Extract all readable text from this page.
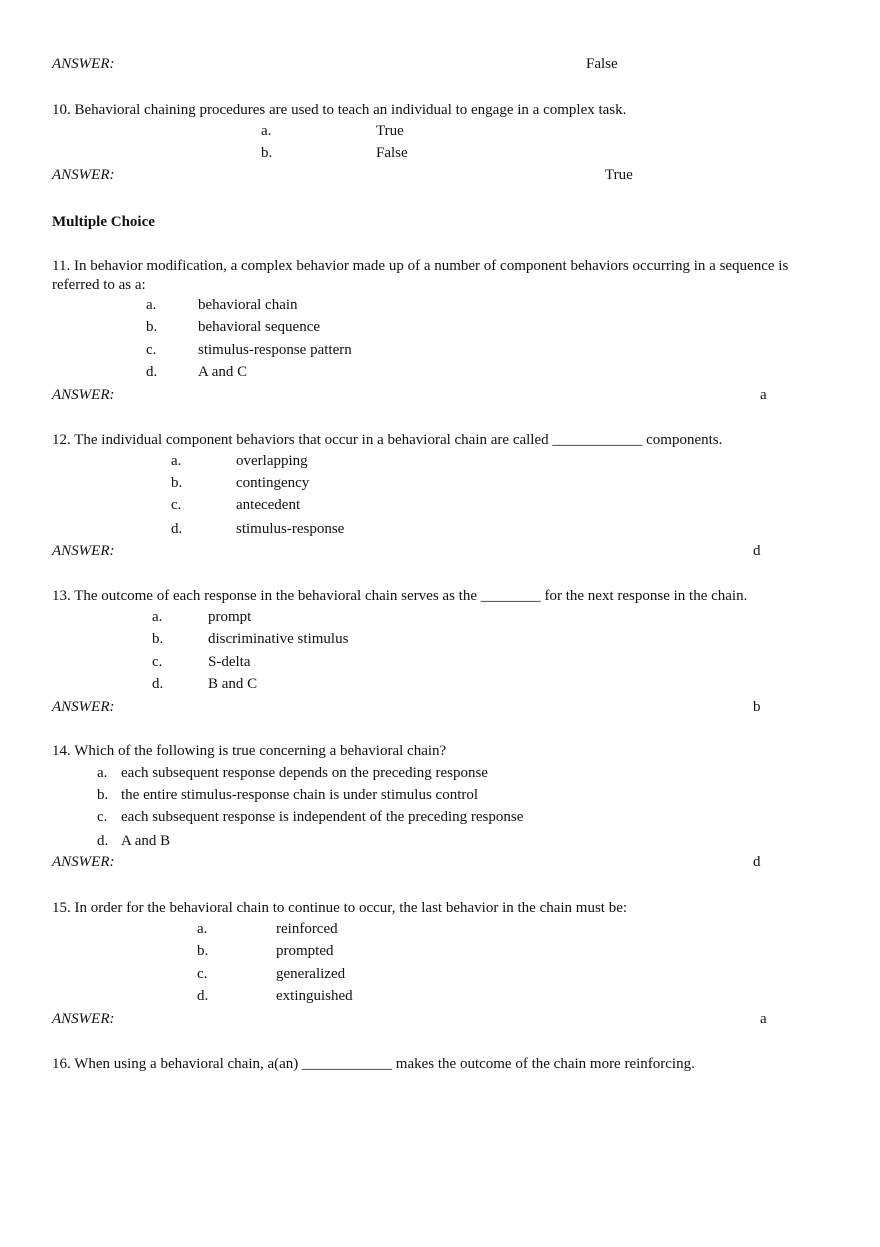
ANSWER:	False
10. Behavioral chaining procedures are used to teach an individual to engage in a complex task.
a.	True
b.	False
ANSWER:	True
Multiple Choice
11. In behavior modification, a complex behavior made up of a number of component behaviors occurring in a sequence is referred to as a:
a.	behavioral chain
b.	behavioral sequence
c.	stimulus-response pattern
d.	A and C
ANSWER:	a
12. The individual component behaviors that occur in a behavioral chain are called ____________ components.
a.	overlapping
b.	contingency
c.	antecedent
d.	stimulus-response
ANSWER:	d
13. The outcome of each response in the behavioral chain serves as the ________ for the next response in the chain.
a.	prompt
b.	discriminative stimulus
c.	S-delta
d.	B and C
ANSWER:	b
14. Which of the following is true concerning a behavioral chain?
a. each subsequent response depends on the preceding response
b. the entire stimulus-response chain is under stimulus control
c. each subsequent response is independent of the preceding response
d. A and B
ANSWER:	d
15. In order for the behavioral chain to continue to occur, the last behavior in the chain must be:
a.	reinforced
b.	prompted
c.	generalized
d.	extinguished
ANSWER:	a
16. When using a behavioral chain, a(an) ____________ makes the outcome of the chain more reinforcing.
